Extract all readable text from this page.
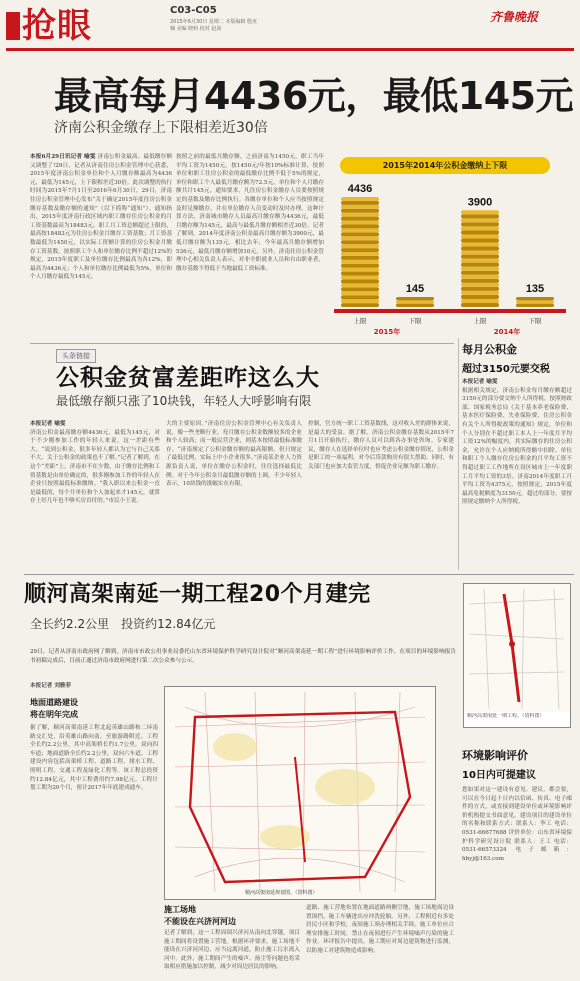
抢眼	C03-C05
2015年6月30日 星期二 本版编辑 殷亚楠 美编 晓莉 校对 赵焱
齐鲁晚报
最高每月4436元，最低145元
济南公积金缴存上下限相差近30倍
本报6月29日讯记者 喻雯 济南公积金最高、最低缴存额又调整了!29日，记者从济南住房公积金管理中心获悉，2015年度济南公积金单位和个人月缴存额最高为4436元，最低为145元，上下限相差近30倍。此次调整的执行时间为2015年7月1日至2016年6月30日。29日，济南住房公积金管理中心发布“关于确定2015年度住房公积金缴存基数及缴存额的通知”（以下简称“通知”）。通知指出，2015年度济南行政区域内职工缴存住房公积金的月工资基数最高为18483元，职工月工资总额超过上限的，最高按18483元为住房公积金月缴存工资基数；月工资基数最低为1450元，以实际工资额计算的住房公积金月缴存工资基数。按照职工个人和单位缴存比例不超过12%的规定，2015年度职工及单位缴存比例最高为各12%，即最高为4436元；个人和单位缴存比例最低为5%，单位和个人月缴存最低为145元。
按照之前的最低月缴存额，之前济南为1450元，职工当年平均工资为1450元，按1450元/年按10%标准计算，按照单位和职工住房公积金的最低缴存比例不低于5%的规定，单位和职工个人最低月缴存额为72.5元，单位和个人月缴存额共计145元。通知要求，凡住房公积金缴存人员要按照规定的基数及缴存比例执行。各缴存单位和个人应当按照规定及时足额缴存，并在单位缴存人员变动时及时办理。这种计算方法，济南城市缴存人员最高月缴存额为4436元，最低月缴存额为145元，最高与最低月缴存额相差近30倍。记者了解到，2014年度济南公积金最高月缴存额为3900元，最低月缴存额为135元，相比去年，今年最高月缴存额增加536元，最低月缴存额增加10元。另外，济南住房公积金管理中心相关负责人表示，对非全职就业人员和自由职业者，缴存基数不得低于当地最低工资标准。
2015年2014年公积金缴纳上下限
4436
上限
145
下限
3900
上限
135
下限
2015年	2014年
头条链接
公积金贫富差距咋这么大
最低缴存额只涨了10块钱，年轻人大呼影响有限
本报记者 喻雯
济南公积金最高缴存额4436元，最低为145元，对于不少刚参加工作的年轻人来说，这一差距有些大。“说到公积金，很多年轻人都认为它与自己关系不大，关于公积金的政策也不了解。”记者了解到，在这个“差距”上，济南市不在少数，由于缴存比例和工资基数是由单位确定的，很多刚参加工作的年轻人在企业只按照最低标准缴纳。“我入职以来公积金一直是最低的，每个月单位和个人加起来才145元，就算存上好几年也不够买房首付的。”市民小王说。
大的主要原因。”济南住房公积金管理中心有关负责人说，像一些垄断行业，每月缴存公积金数额较多的企业和个人较高；而一般民营企业，则基本按照最低标准缴存。“济南规定了公积金缴存额的最高限额，但只规定了最低比例，实际上中小企业很多。”济南某企业人力资源负责人说，单位在缴存公积金时，往往选择最低比例。对于今年公积金月最低缴存额的上调，不少年轻人表示，10块钱的涨幅实在有限。
控制，官方统一职工工资基数线，这对收入差的群体来说，是最大的受益。据了解，济南公积金缴存基数从2015年7月1日开始执行，缴存人员可以到各办事处咨询。专家建议，缴存人在选择单位时也应考虑公积金缴存情况，公积金是职工的一项福利，对今后贷款购房有很大帮助。同时，有关部门也应加大监管力度，督促企业足额为职工缴存。
每月公积金
超过3150元要交税
本报记者 喻雯
根据相关规定，济南公积金每月缴存额超过3150元的部分要交纳个人所得税。按照财政部、国家税务总局《关于基本养老保险费、基本医疗保险费、失业保险费、住房公积金有关个人所得税政策的通知》规定，单位和个人分别在不超过职工本人上一年度月平均工资12%的幅度内，其实际缴存的住房公积金，允许在个人应纳税所得额中扣除。单位和职工个人缴存住房公积金的月平均工资不得超过职工工作地所在设区城市上一年度职工月平均工资的3倍。济南2014年度职工月平均工资为4375元，按照规定，2015年度最高免税额度为3150元。超过的部分，要按照规定缴纳个人所得税。
顺河高架南延一期工程20个月建完
全长约2.2公里　投资约12.84亿元
29日，记者从济南市政府网了解到，济南市市政公用事业局委托山东省环境保护科学研究设计院对“顺河高架南延一期工程”进行环境影响评价工作，在项目的环境影响报告书初稿完成后，目前正通过济南市政府网进行第二次公众参与公示。
本报记者 刘雅菲
地面道路建设
将在明年完成
据了解，顺河高架南延工程北起英雄山路和二环南路交汇处，沿英雄山路向南，至旅游路附近。工程全长约2.2公里，其中高架桥长约1.7公里，双向四车道；地面道路全长约2.2公里，双向六车道。工程建设内容包括高架桥工程、道路工程、排水工程、照明工程、交通工程及绿化工程等。该工程总投资约12.84亿元，其中工程费用约7.98亿元。工程计划工期为20个月，预计2017年年底建成通车。
顺河高架南延规划图。（资料图）
顺河高架南延一期工程。（资料图）
施工场地
不能设在兴济河河边
记者了解到，这一工程周围兴济河从南向北穿越，项目施工期间将设置施工营地。根据环评要求，施工场地不能设在兴济河河边，应当远离河道，防止施工污水流入河中。此外，施工期间产生的噪声、扬尘等问题也将采取相应措施加以控制，减少对周边居民的影响。
道路、施工营地布置在地面道路两侧空地，施工场地周边设置围挡，施工车辆进出应冲洗轮胎。另外，工程附近有多处居民小区和学校，夜间施工须办理相关手续。施工单位应合理安排施工时间，禁止在夜间进行产生环境噪声污染的施工作业。环评报告中提出，施工期应对周边建筑物进行监测，以防施工对建筑物造成影响。
环境影响评价
10日内可提建议
您如果对这一建设有意见、建议，都会要，可以在今日起十日内以信函、传真、电子邮件的方式，或直接到建设单位或环境影响评价机构提交书面意见。建设项目的建设单位的名称和联系方式：联系人：李工 电话：0531-66677688 评价单位：山东省环境保护科学研究设计院 联系人：王工 电话：0531-66573324 电子邮箱：hbyj@163.com
